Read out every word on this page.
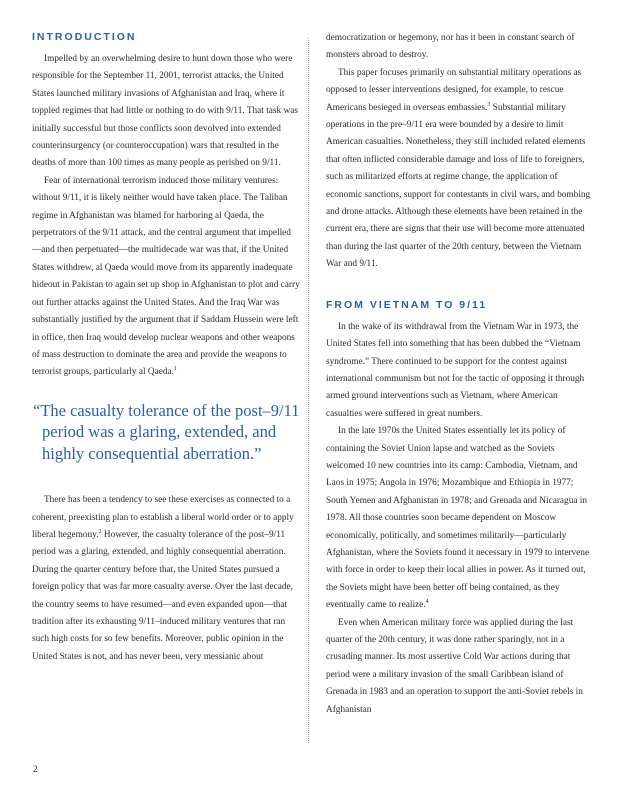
INTRODUCTION

Impelled by an overwhelming desire to hunt down those who were responsible for the September 11, 2001, terrorist attacks, the United States launched military invasions of Afghanistan and Iraq, where it toppled regimes that had little or nothing to do with 9/11. That task was initially successful but those conflicts soon devolved into extended counterinsurgency (or counteroccupation) wars that resulted in the deaths of more than 100 times as many people as perished on 9/11.

Fear of international terrorism induced those military ventures: without 9/11, it is likely neither would have taken place. The Taliban regime in Afghanistan was blamed for harboring al Qaeda, the perpetrators of the 9/11 attack, and the central argument that impelled—and then perpetuated—the multidecade war was that, if the United States withdrew, al Qaeda would move from its apparently inadequate hideout in Pakistan to again set up shop in Afghanistan to plot and carry out further attacks against the United States. And the Iraq War was substantially justified by the argument that if Saddam Hussein were left in office, then Iraq would develop nuclear weapons and other weapons of mass destruction to dominate the area and provide the weapons to terrorist groups, particularly al Qaeda.$^1$

“The casualty tolerance of the post–9/11 period was a glaring, extended, and highly consequential aberration.”

There has been a tendency to see these exercises as connected to a coherent, preexisting plan to establish a liberal world order or to apply liberal hegemony.$^2$ However, the casualty tolerance of the post–9/11 period was a glaring, extended, and highly consequential aberration. During the quarter century before that, the United States pursued a foreign policy that was far more casualty averse. Over the last decade, the country seems to have resumed—and even expanded upon—that tradition after its exhausting 9/11–induced military ventures that ran such high costs for so few benefits. Moreover, public opinion in the United States is not, and has never been, very messianic about

democratization or hegemony, nor has it been in constant search of monsters abroad to destroy.

This paper focuses primarily on substantial military operations as opposed to lesser interventions designed, for example, to rescue Americans besieged in overseas embassies.$^3$ Substantial military operations in the pre–9/11 era were bounded by a desire to limit American casualties. Nonetheless, they still included related elements that often inflicted considerable damage and loss of life to foreigners, such as militarized efforts at regime change, the application of economic sanctions, support for contestants in civil wars, and bombing and drone attacks. Although these elements have been retained in the current era, there are signs that their use will become more attenuated than during the last quarter of the 20th century, between the Vietnam War and 9/11.

FROM VIETNAM TO 9/11

In the wake of its withdrawal from the Vietnam War in 1973, the United States fell into something that has been dubbed the “Vietnam syndrome.” There continued to be support for the contest against international communism but not for the tactic of opposing it through armed ground interventions such as Vietnam, where American casualties were suffered in great numbers.

In the late 1970s the United States essentially let its policy of containing the Soviet Union lapse and watched as the Soviets welcomed 10 new countries into its camp: Cambodia, Vietnam, and Laos in 1975; Angola in 1976; Mozambique and Ethiopia in 1977; South Yemen and Afghanistan in 1978; and Grenada and Nicaragua in 1978. All those countries soon became dependent on Moscow economically, politically, and sometimes militarily—particularly Afghanistan, where the Soviets found it necessary in 1979 to intervene with force in order to keep their local allies in power. As it turned out, the Soviets might have been better off being contained, as they eventually came to realize.$^4$

Even when American military force was applied during the last quarter of the 20th century, it was done rather sparingly, not in a crusading manner. Its most assertive Cold War actions during that period were a military invasion of the small Caribbean island of Grenada in 1983 and an operation to support the anti-Soviet rebels in Afghanistan

2
